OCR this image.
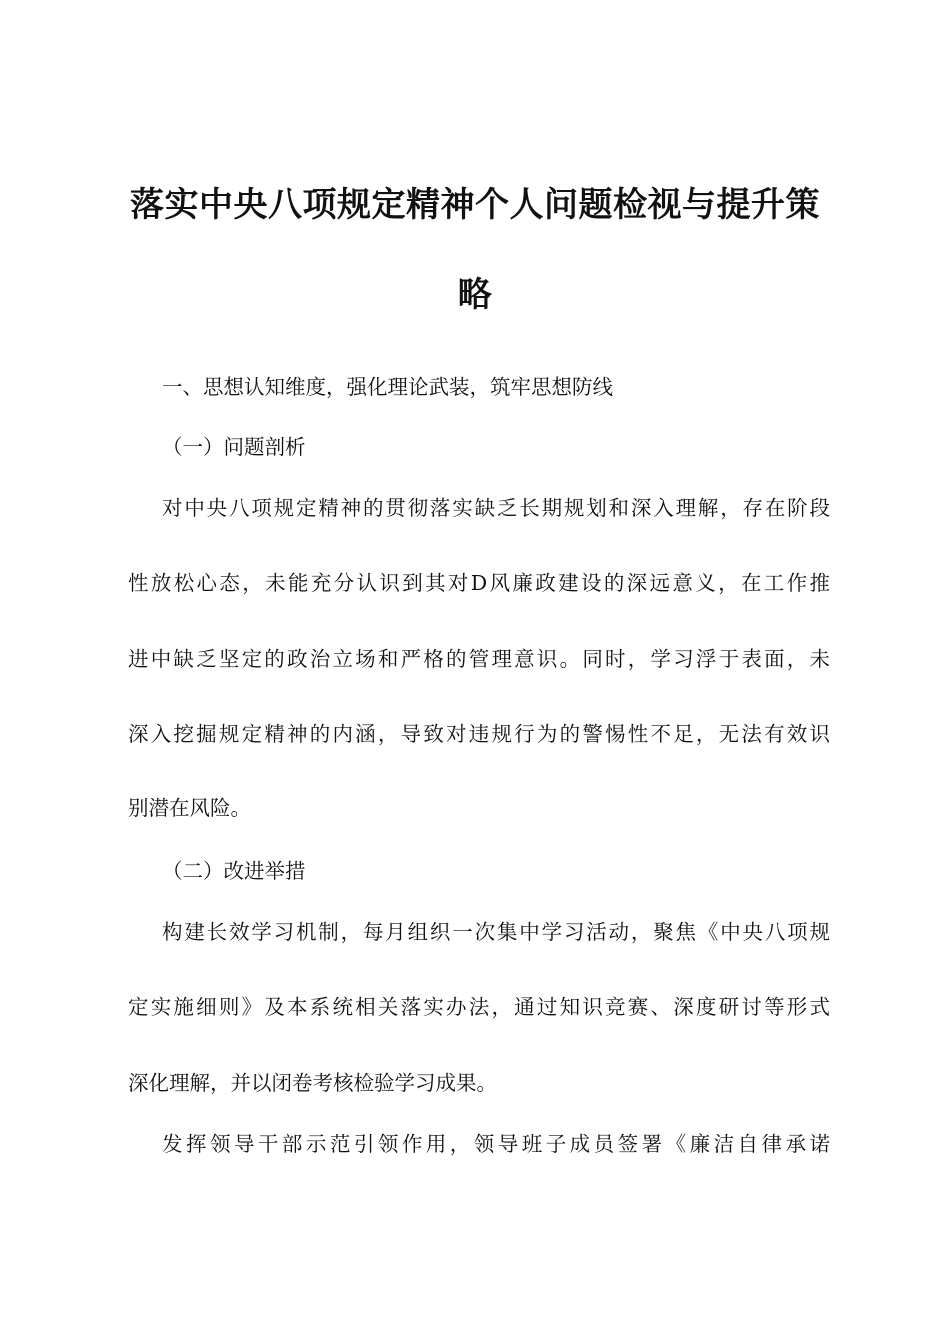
落实中央八项规定精神个人问题检视与提升策略

一、思想认知维度，强化理论武装，筑牢思想防线

（一）问题剖析

对中央八项规定精神的贯彻落实缺乏长期规划和深入理解，存在阶段

性放松心态，未能充分认识到其对D风廉政建设的深远意义，在工作推

进中缺乏坚定的政治立场和严格的管理意识。同时，学习浮于表面，未

深入挖掘规定精神的内涵，导致对违规行为的警惕性不足，无法有效识

别潜在风险。

（二）改进举措

构建长效学习机制，每月组织一次集中学习活动，聚焦《中央八项规

定实施细则》及本系统相关落实办法，通过知识竞赛、深度研讨等形式

深化理解，并以闭卷考核检验学习成果。

发挥领导干部示范引领作用，领导班子成员签署《廉洁自律承诺
